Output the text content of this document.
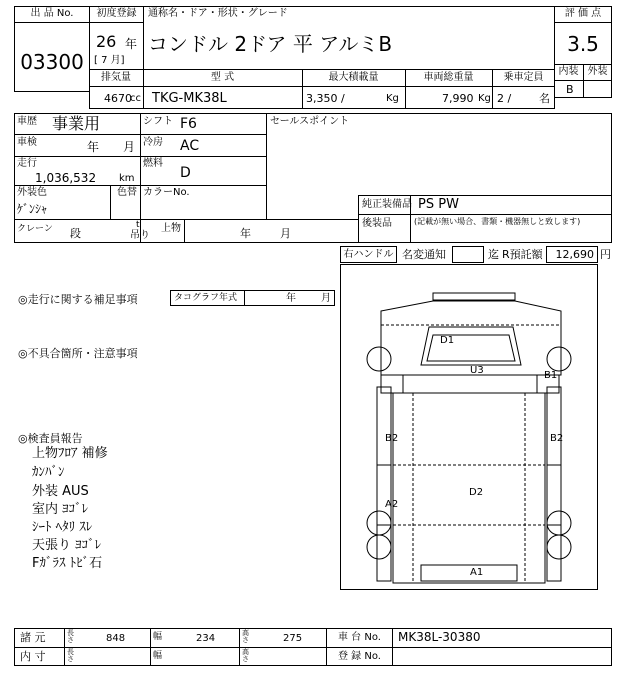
出 品 No.
03300
初度登録
26 年
[ 7 月]
通称名・ドア・形状・グレード
コンドル 2ドア 平 アルミB
評 価 点
3.5
内装 外装
B
排気量
4670
cc
型 式
TKG-MK38L
最大積載量
3,350 /	Kg
車両総重量
7,990 Kg
乗車定員
2 /	名
車歴 事業用	シフト F6
車検	年 月 冷房 AC
走行
1,036,532 km
燃料
D
外装色
ｹﾞﾝｼｬ
色替 カラーNo.
セールスポイント
純正装備品 PS PW
後装品	(記載が無い場合、書類・機器無しと致します)
クレーン 段
t
吊り
上物	年	月
右ハンドル 名変通知	迄 R預託額	12,690 円
◎走行に関する補足事項	タコグラフ年式	年	月
◎不具合箇所・注意事項
◎検査員報告
上物ﾌﾛｱ 補修
ｶﾝﾊﾞﾝ
外装 AUS
室内 ﾖｺﾞﾚ
ｼｰﾄ ﾍﾀﾘ ｽﾚ
天張り ﾖｺﾞﾚ
Fｶﾞﾗｽ ﾄﾋﾞ石
D1
U3	B1
B2	B2
D2
A2
A1
諸 元	長さ	848	幅	234	高さ	275	車 台 No. MK38L-30380
内 寸	長さ	幅	高さ	登 録 No.
